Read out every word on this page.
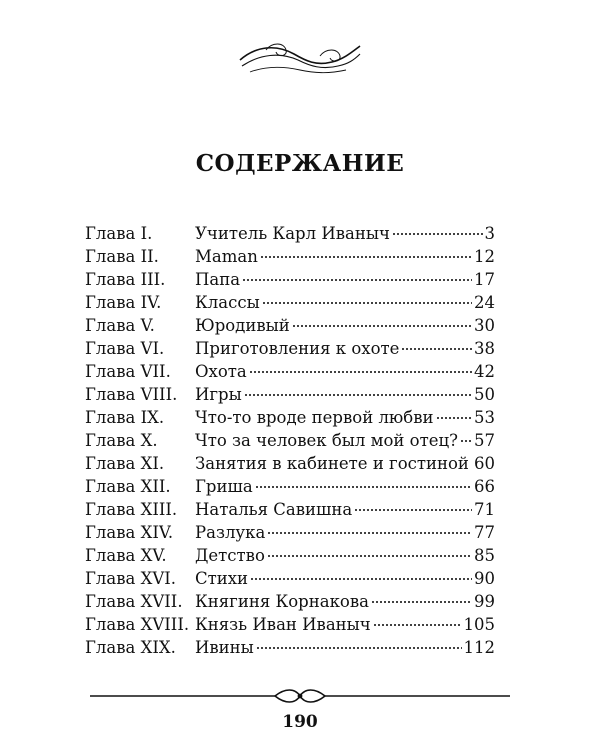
СОДЕРЖАНИЕ
Глава I.	Учитель Карл Иваныч	3
Глава II.	Maman	12
Глава III.	Папа	17
Глава IV.	Классы	24
Глава V.	Юродивый	30
Глава VI.	Приготовления к охоте	38
Глава VII.	Охота	42
Глава VIII.	Игры	50
Глава IX.	Что-то вроде первой любви 53
Глава X.	Что за человек был мой отец? 57
Глава XI.	Занятия в кабинете и гостиной 60
Глава XII.	Гриша	66
Глава XIII.	Наталья Савишна	71
Глава XIV.	Разлука	77
Глава XV.	Детство	85
Глава XVI.	Стихи	90
Глава XVII. Княгиня Корнакова	99
Глава XVIII. Князь Иван Иваныч	105
Глава XIX.	Ивины	112
190
